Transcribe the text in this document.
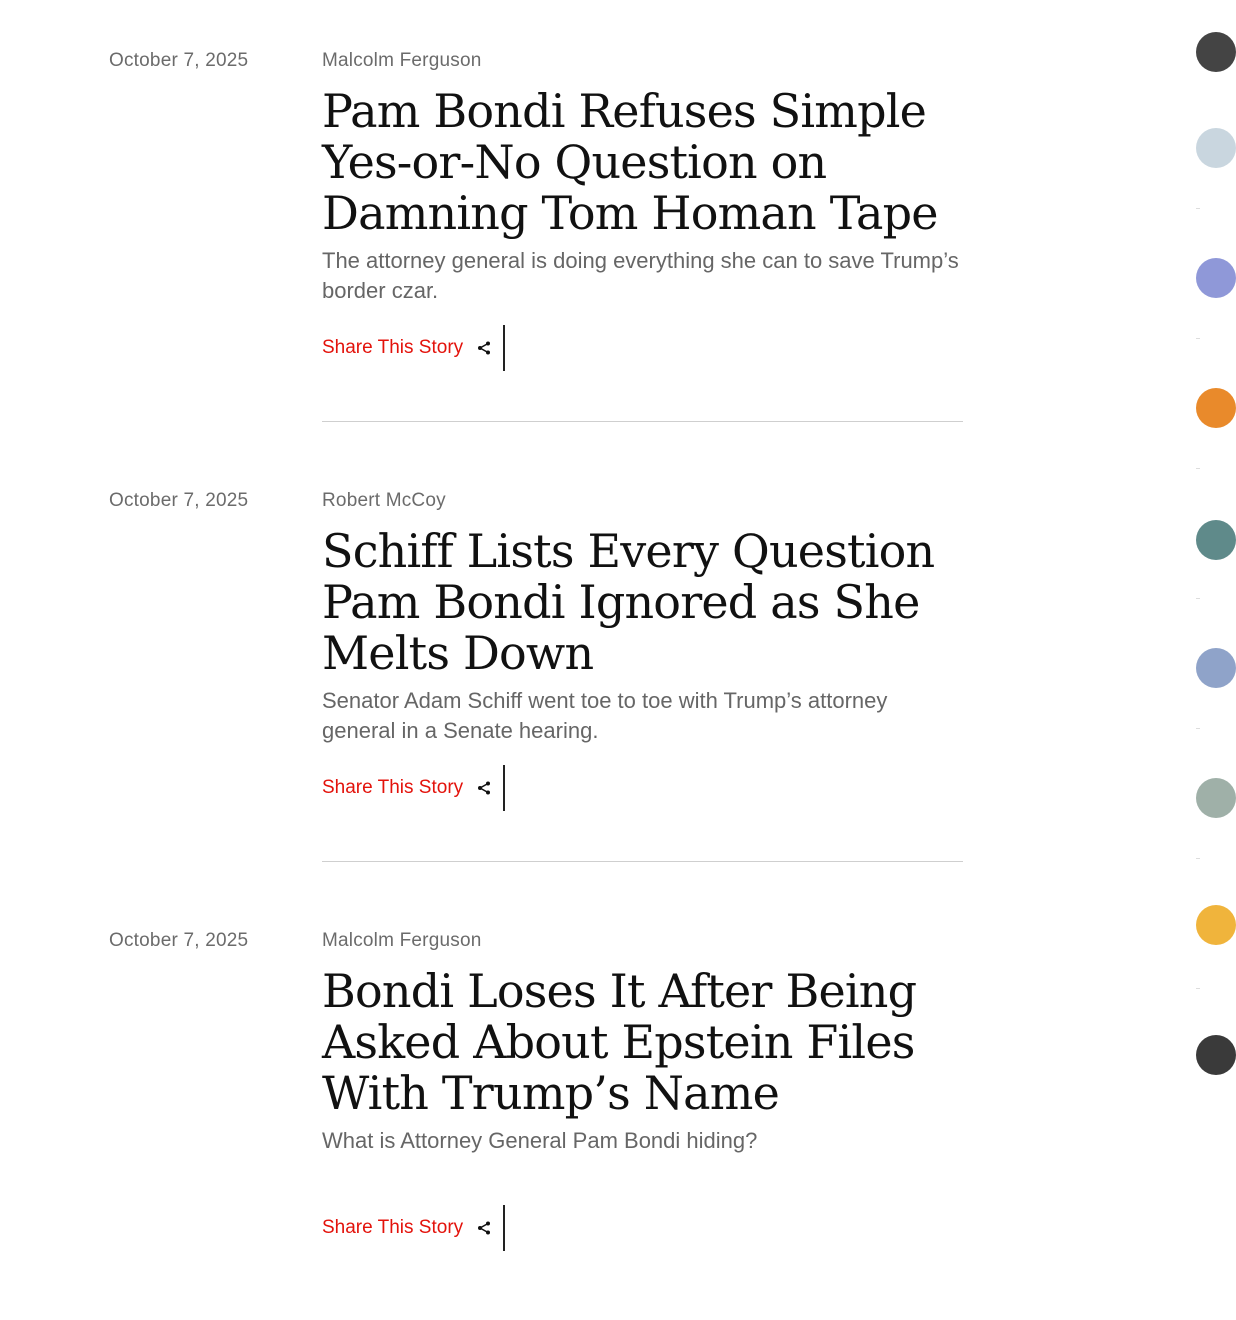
October 7, 2025	Malcolm Ferguson
Pam Bondi Refuses Simple Yes-or-No Question on Damning Tom Homan Tape

The attorney general is doing everything she can to save Trump’s border czar.

Share This Story
October 7, 2025	Robert McCoy
Schiff Lists Every Question Pam Bondi Ignored as She Melts Down

Senator Adam Schiff went toe to toe with Trump’s attorney general in a Senate hearing.

Share This Story
October 7, 2025	Malcolm Ferguson
Bondi Loses It After Being Asked About Epstein Files With Trump’s Name

What is Attorney General Pam Bondi hiding?

Share This Story
